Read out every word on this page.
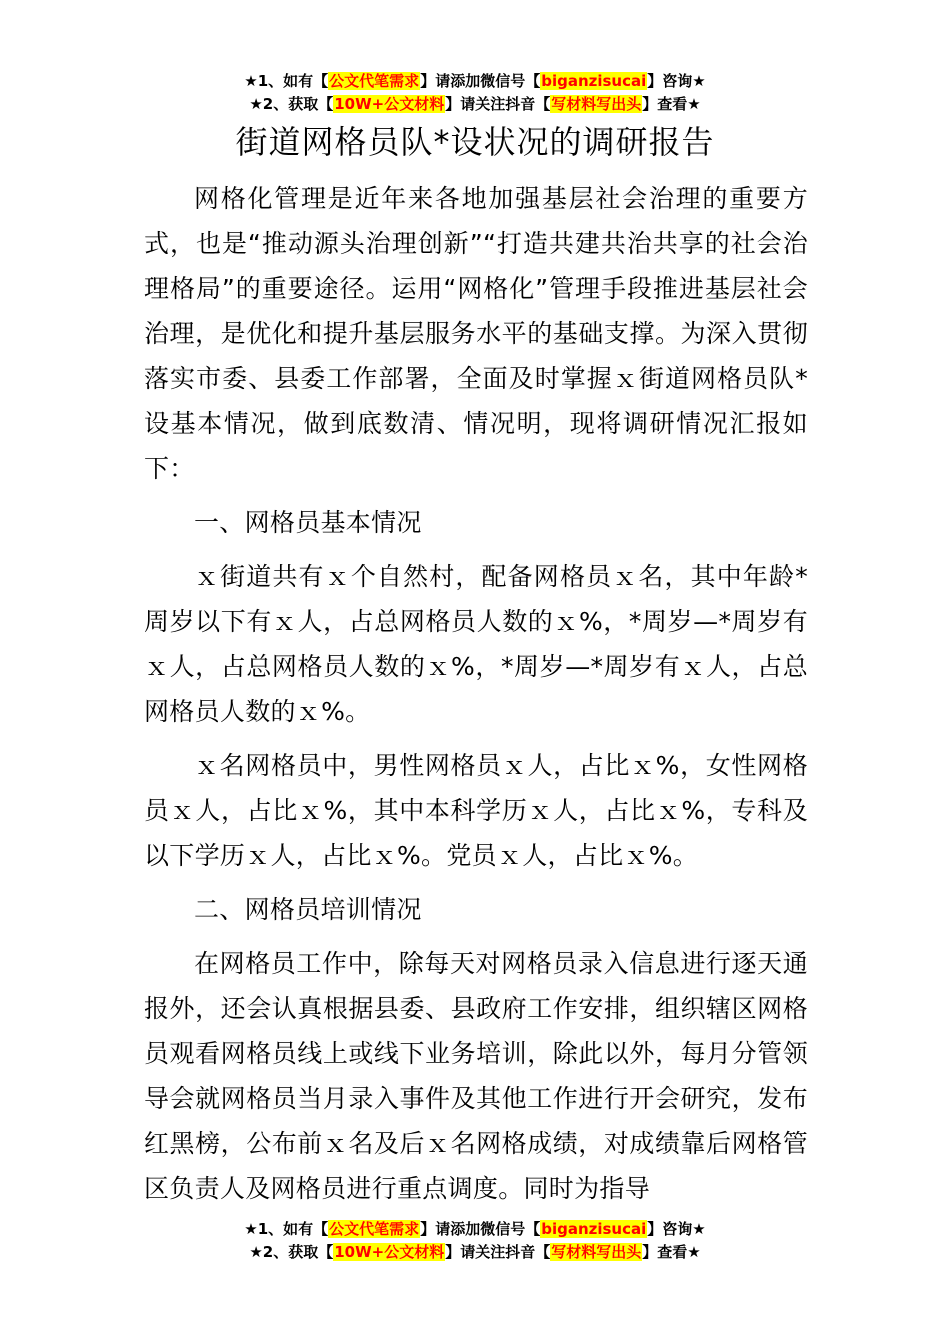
★1、如有【公文代笔需求】请添加微信号【biganzisucai】咨询★
★2、获取【10W+公文材料】请关注抖音【写材料写出头】查看★
街道网格员队*设状况的调研报告

网格化管理是近年来各地加强基层社会治理的重要方式，也是“推动源头治理创新”“打造共建共治共享的社会治理格局”的重要途径。运用“网格化”管理手段推进基层社会治理，是优化和提升基层服务水平的基础支撑。为深入贯彻落实市委、县委工作部署，全面及时掌握ｘ街道网格员队*设基本情况，做到底数清、情况明，现将调研情况汇报如下：

一、网格员基本情况

ｘ街道共有ｘ个自然村，配备网格员ｘ名，其中年龄*周岁以下有ｘ人，占总网格员人数的ｘ%，*周岁—*周岁有ｘ人，占总网格员人数的ｘ%，*周岁—*周岁有ｘ人，占总网格员人数的ｘ%。

ｘ名网格员中，男性网格员ｘ人，占比ｘ%，女性网格员ｘ人，占比ｘ%，其中本科学历ｘ人，占比ｘ%，专科及以下学历ｘ人，占比ｘ%。党员ｘ人，占比ｘ%。

二、网格员培训情况

在网格员工作中，除每天对网格员录入信息进行逐天通报外，还会认真根据县委、县政府工作安排，组织辖区网格员观看网格员线上或线下业务培训，除此以外，每月分管领导会就网格员当月录入事件及其他工作进行开会研究，发布红黑榜，公布前ｘ名及后ｘ名网格成绩，对成绩靠后网格管区负责人及网格员进行重点调度。同时为指导

★1、如有【公文代笔需求】请添加微信号【biganzisucai】咨询★
★2、获取【10W+公文材料】请关注抖音【写材料写出头】查看★
